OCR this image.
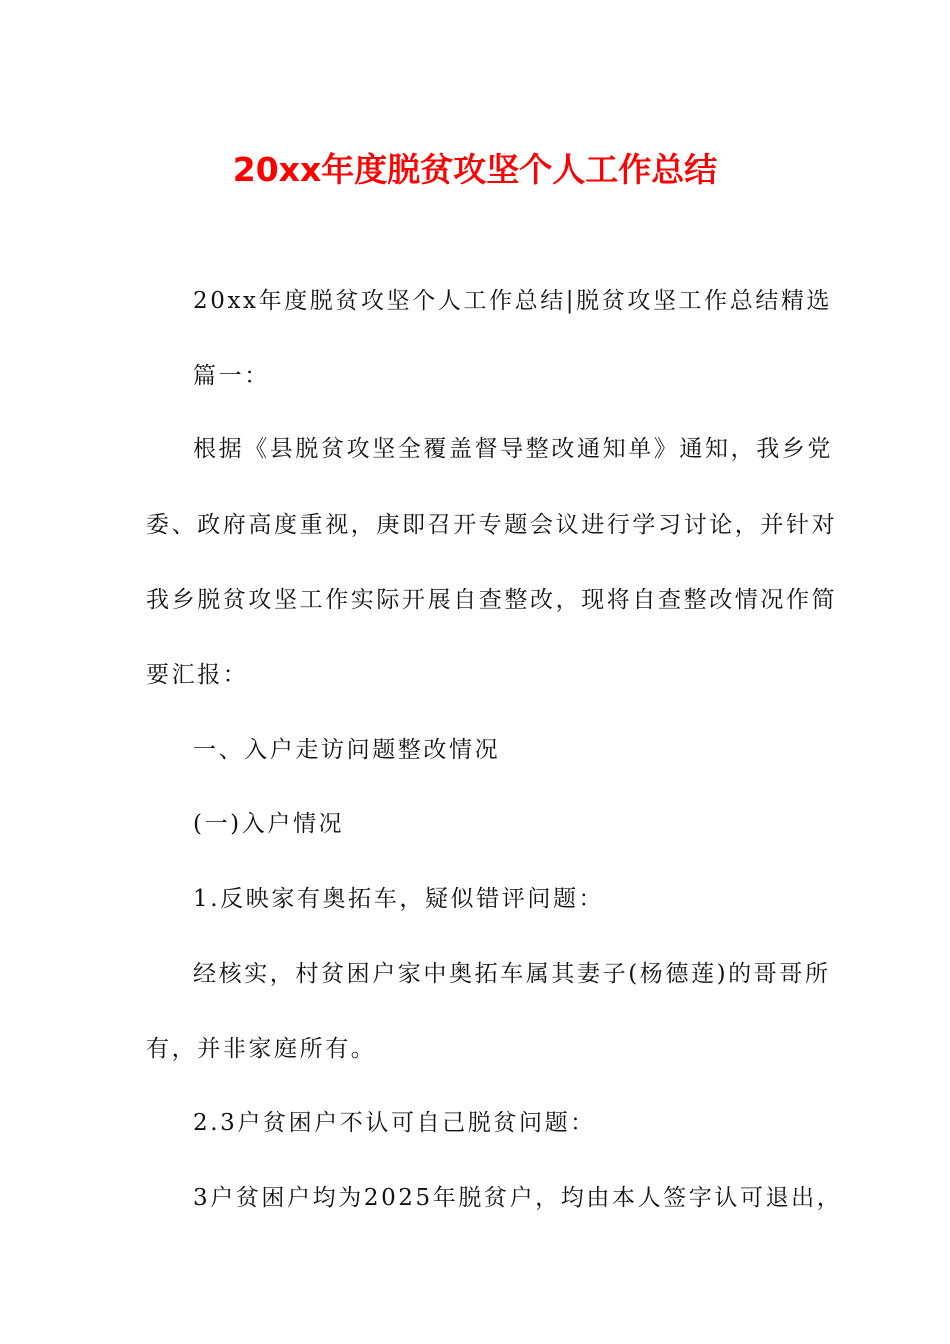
20xx年度脱贫攻坚个人工作总结
20xx年度脱贫攻坚个人工作总结|脱贫攻坚工作总结精选
篇一：
根据《县脱贫攻坚全覆盖督导整改通知单》通知，我乡党
委、政府高度重视，庚即召开专题会议进行学习讨论，并针对
我乡脱贫攻坚工作实际开展自查整改，现将自查整改情况作简
要汇报：
一、入户走访问题整改情况
(一)入户情况
1.反映家有奥拓车，疑似错评问题：
经核实，村贫困户家中奥拓车属其妻子(杨德莲)的哥哥所
有，并非家庭所有。
2.3户贫困户不认可自己脱贫问题：
3户贫困户均为2025年脱贫户，均由本人签字认可退出，
